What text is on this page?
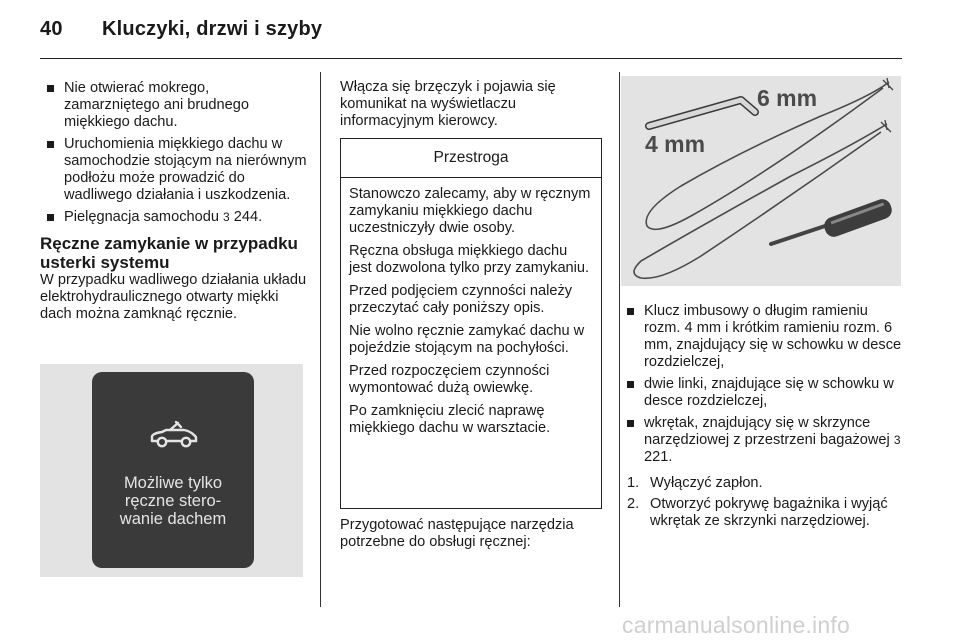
40 Kluczyki, drzwi i szyby
Nie otwierać mokrego, zamarzniętego ani brudnego miękkiego dachu.
Uruchomienia miękkiego dachu w samochodzie stojącym na nierównym podłożu może prowadzić do wadliwego działania i uszkodzenia.
Pielęgnacja samochodu 3 244.
Ręczne zamykanie w przypadku usterki systemu
W przypadku wadliwego działania układu elektrohydraulicznego otwarty miękki dach można zamknąć ręcznie.
Możliwe tylko
ręczne stero-
wanie dachem
Włącza się brzęczyk i pojawia się komunikat na wyświetlaczu informacyjnym kierowcy.
Przestroga

Stanowczo zalecamy, aby w ręcznym zamykaniu miękkiego dachu uczestniczyły dwie osoby.

Ręczna obsługa miękkiego dachu jest dozwolona tylko przy zamykaniu.

Przed podjęciem czynności należy przeczytać cały poniższy opis.

Nie wolno ręcznie zamykać dachu w pojeździe stojącym na pochyłości.

Przed rozpoczęciem czynności wymontować dużą owiewkę.

Po zamknięciu zlecić naprawę miękkiego dachu w warsztacie.

Przygotować następujące narzędzia potrzebne do obsługi ręcznej:
6 mm
4 mm
Klucz imbusowy o długim ramieniu rozm. 4 mm i krótkim ramieniu rozm. 6 mm, znajdujący się w schowku w desce rozdzielczej,
dwie linki, znajdujące się w schowku w desce rozdzielczej,
wkrętak, znajdujący się w skrzynce narzędziowej z przestrzeni bagażowej 3 221.
1. Wyłączyć zapłon.
2. Otworzyć pokrywę bagażnika i wyjąć wkrętak ze skrzynki narzędziowej.
carmanualsonline.info
